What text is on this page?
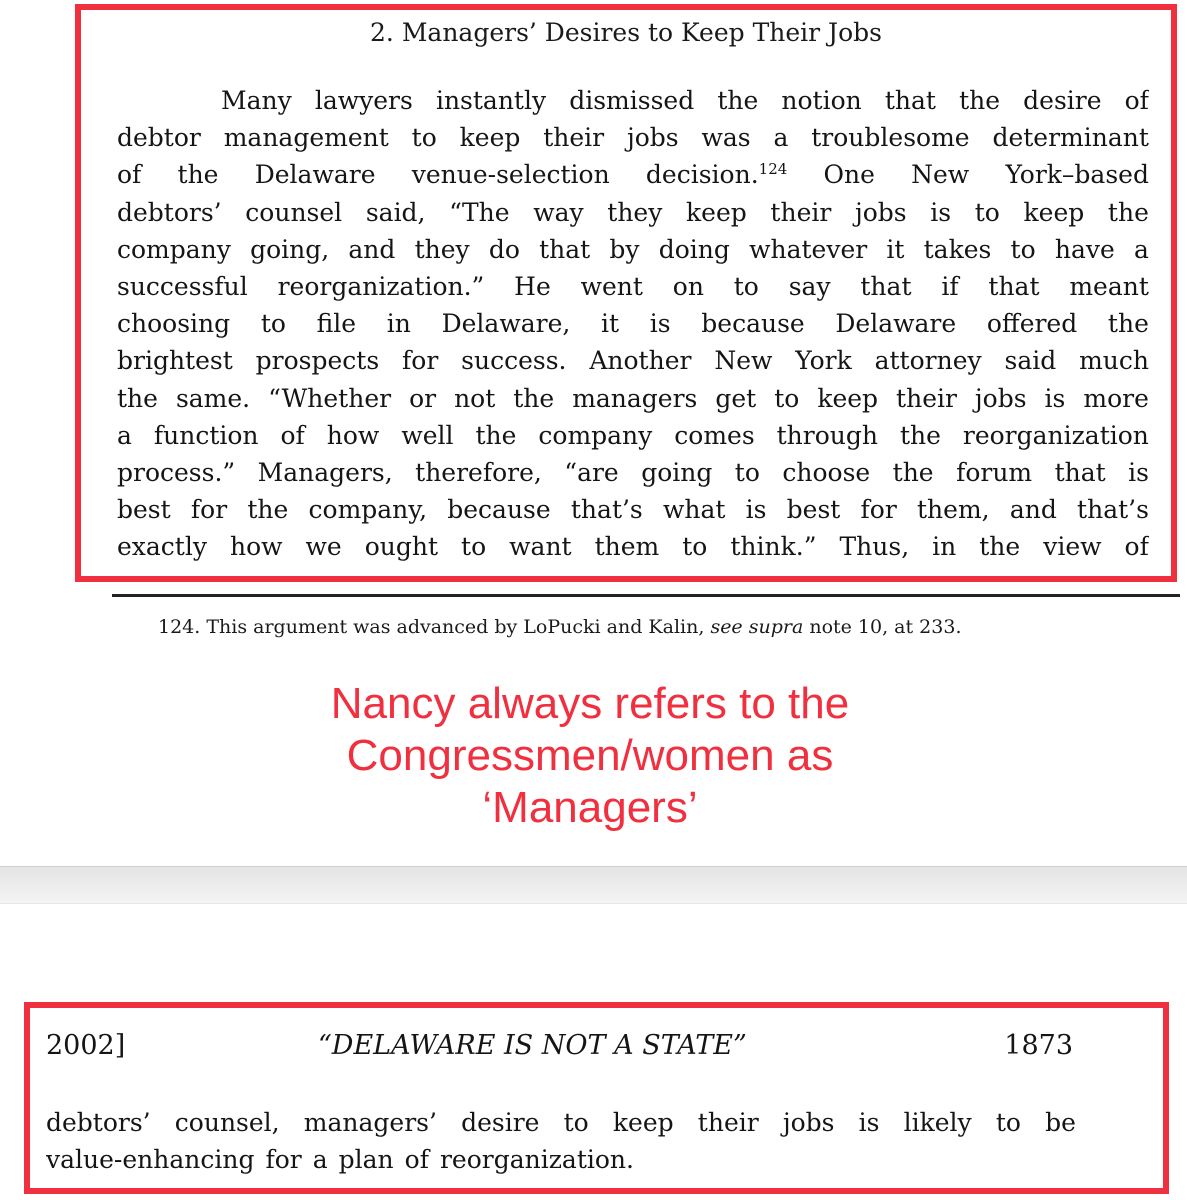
2. Managers’ Desires to Keep Their Jobs
Many lawyers instantly dismissed the notion that the desire of
debtor management to keep their jobs was a troublesome determinant
of the Delaware venue-selection decision.$^{124}$ One New York–based
debtors’ counsel said, “The way they keep their jobs is to keep the
company going, and they do that by doing whatever it takes to have a
successful reorganization.” He went on to say that if that meant
choosing to file in Delaware, it is because Delaware offered the
brightest prospects for success. Another New York attorney said much
the same. “Whether or not the managers get to keep their jobs is more
a function of how well the company comes through the reorganization
process.” Managers, therefore, “are going to choose the forum that is
best for the company, because that’s what is best for them, and that’s
exactly how we ought to want them to think.” Thus, in the view of
124. This argument was advanced by LoPucki and Kalin, see supra note 10, at 233.
Nancy always refers to the
Congressmen/women as
‘Managers’
2002]	“DELAWARE IS NOT A STATE”	1873
debtors’ counsel, managers’ desire to keep their jobs is likely to be
value-enhancing for a plan of reorganization.
